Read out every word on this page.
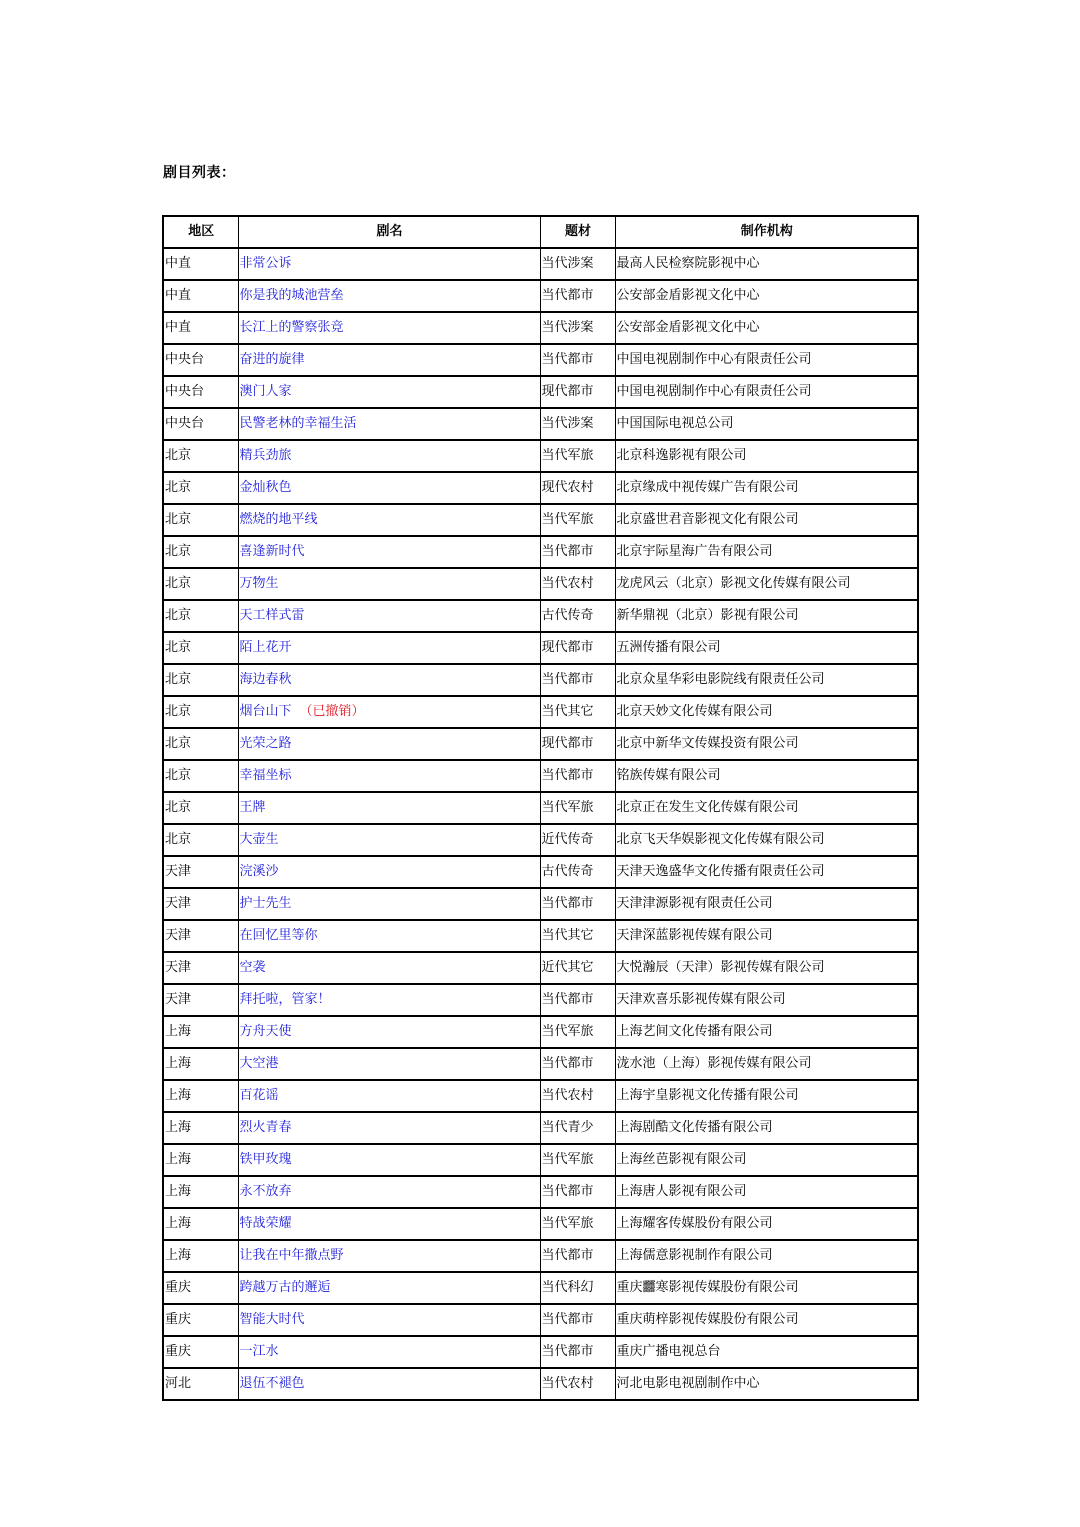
剧目列表：
地区	剧名	题材	制作机构
中直	非常公诉	当代涉案	最高人民检察院影视中心
中直	你是我的城池营垒	当代都市	公安部金盾影视文化中心
中直	长江上的警察张竞	当代涉案	公安部金盾影视文化中心
中央台	奋进的旋律	当代都市	中国电视剧制作中心有限责任公司
中央台	澳门人家	现代都市	中国电视剧制作中心有限责任公司
中央台	民警老林的幸福生活	当代涉案	中国国际电视总公司
北京	精兵劲旅	当代军旅	北京科逸影视有限公司
北京	金灿秋色	现代农村	北京缘成中视传媒广告有限公司
北京	燃烧的地平线	当代军旅	北京盛世君音影视文化有限公司
北京	喜逢新时代	当代都市	北京宇际星海广告有限公司
北京	万物生	当代农村	龙虎风云（北京）影视文化传媒有限公司
北京	天工样式雷	古代传奇	新华鼎视（北京）影视有限公司
北京	陌上花开	现代都市	五洲传播有限公司
北京	海边春秋	当代都市	北京众星华彩电影院线有限责任公司
北京	烟台山下 （已撤销）	当代其它	北京天妙文化传媒有限公司
北京	光荣之路	现代都市	北京中新华文传媒投资有限公司
北京	幸福坐标	当代都市	铭族传媒有限公司
北京	王牌	当代军旅	北京正在发生文化传媒有限公司
北京	大壶生	近代传奇	北京飞天华娱影视文化传媒有限公司
天津	浣溪沙	古代传奇	天津天逸盛华文化传播有限责任公司
天津	护士先生	当代都市	天津津源影视有限责任公司
天津	在回忆里等你	当代其它	天津深蓝影视传媒有限公司
天津	空袭	近代其它	大悦瀚辰（天津）影视传媒有限公司
天津	拜托啦，管家！	当代都市	天津欢喜乐影视传媒有限公司
上海	方舟天使	当代军旅	上海艺间文化传播有限公司
上海	大空港	当代都市	泷水池（上海）影视传媒有限公司
上海	百花谣	当代农村	上海宇皇影视文化传播有限公司
上海	烈火青春	当代青少	上海剧酷文化传播有限公司
上海	铁甲玫瑰	当代军旅	上海丝芭影视有限公司
上海	永不放弃	当代都市	上海唐人影视有限公司
上海	特战荣耀	当代军旅	上海耀客传媒股份有限公司
上海	让我在中年撒点野	当代都市	上海儒意影视制作有限公司
重庆	跨越万古的邂逅	当代科幻	重庆䨻寒影视传媒股份有限公司
重庆	智能大时代	当代都市	重庆萌梓影视传媒股份有限公司
重庆	一江水	当代都市	重庆广播电视总台
河北	退伍不褪色	当代农村	河北电影电视剧制作中心
